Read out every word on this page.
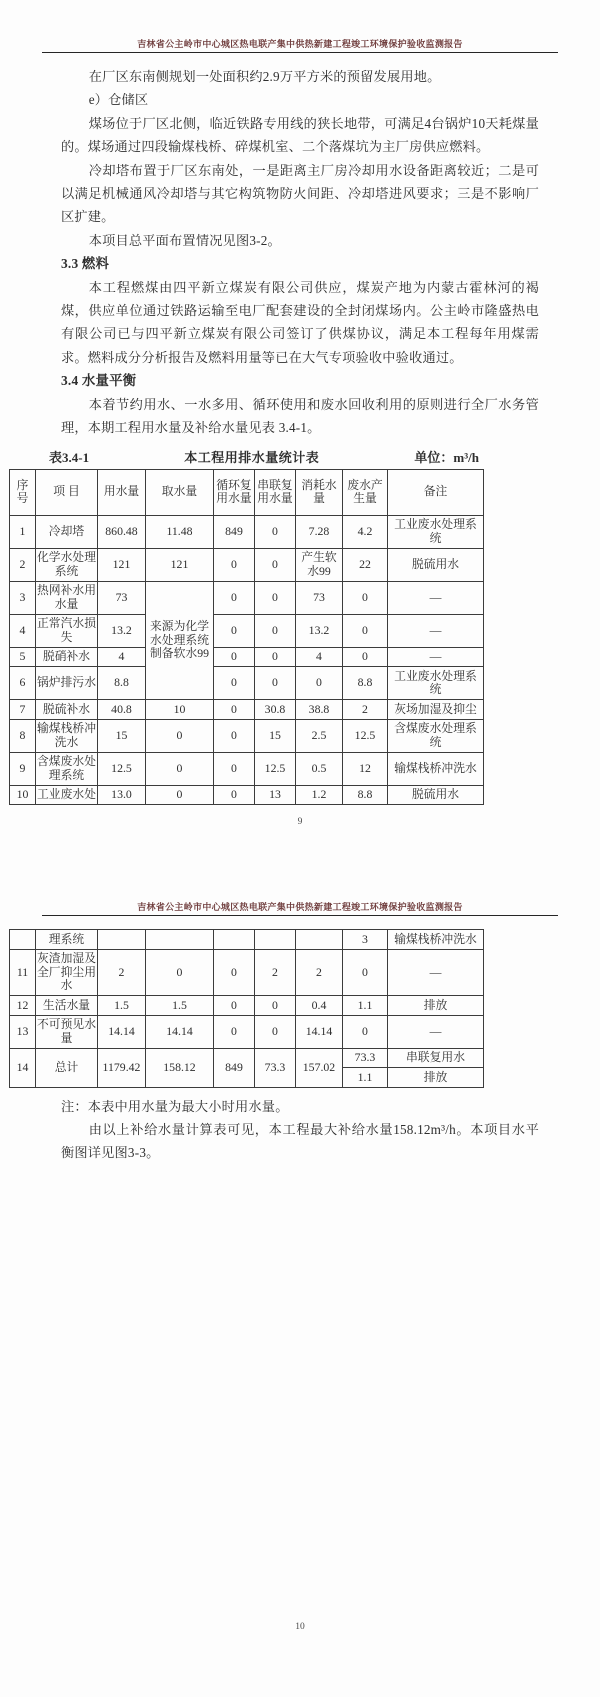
吉林省公主岭市中心城区热电联产集中供热新建工程竣工环境保护验收监测报告

在厂区东南侧规划一处面积约2.9万平方米的预留发展用地。

e）仓储区

煤场位于厂区北侧，临近铁路专用线的狭长地带，可满足4台锅炉10天耗煤量的。煤场通过四段输煤栈桥、碎煤机室、二个落煤坑为主厂房供应燃料。

冷却塔布置于厂区东南处，一是距离主厂房冷却用水设备距离较近；二是可以满足机械通风冷却塔与其它构筑物防火间距、冷却塔进风要求；三是不影响厂区扩建。

本项目总平面布置情况见图3-2。

3.3 燃料

本工程燃煤由四平新立煤炭有限公司供应，煤炭产地为内蒙古霍林河的褐煤，供应单位通过铁路运输至电厂配套建设的全封闭煤场内。公主岭市隆盛热电有限公司已与四平新立煤炭有限公司签订了供煤协议，满足本工程每年用煤需求。燃料成分分析报告及燃料用量等已在大气专项验收中验收通过。

3.4 水量平衡

本着节约用水、一水多用、循环使用和废水回收利用的原则进行全厂水务管理，本期工程用水量及补给水量见表 3.4-1。

表3.4-1	本工程用排水量统计表	单位：m³/h
序号	项 目	用水量	取水量	循环复用水量	串联复用水量	消耗水量	废水产生量	备注
1	冷却塔	860.48	11.48	849	0	7.28	4.2	工业废水处理系统
2	化学水处理系统	121	121	0	0	产生软水99	22	脱硫用水
3	热网补水用水量	73	来源为化学水处理系统制备软水99	0	0	73	0	—
4	正常汽水损失	13.2		0	0	13.2	0	—
5	脱硝补水	4		0	0	4	0	—
6	锅炉排污水	8.8		0	0	0	8.8	工业废水处理系统
7	脱硫补水	40.8	10	0	30.8	38.8	2	灰场加湿及抑尘
8	输煤栈桥冲洗水	15	0	0	15	2.5	12.5	含煤废水处理系统
9	含煤废水处理系统	12.5	0	0	12.5	0.5	12	输煤栈桥冲洗水
10	工业废水处	13.0	0	0	13	1.2	8.8	脱硫用水
9
吉林省公主岭市中心城区热电联产集中供热新建工程竣工环境保护验收监测报告
	理系统						3	输煤栈桥冲洗水
11	灰渣加湿及全厂抑尘用水	2	0	0	2	2	0	—
12	生活水量	1.5	1.5	0	0	0.4	1.1	排放
13	不可预见水量	14.14	14.14	0	0	14.14	0	—
14	总计	1179.42	158.12	849	73.3	157.02	73.3	串联复用水
							1.1	排放

注：本表中用水量为最大小时用水量。

由以上补给水量计算表可见，本工程最大补给水量158.12m³/h。本项目水平衡图详见图3-3。

10
